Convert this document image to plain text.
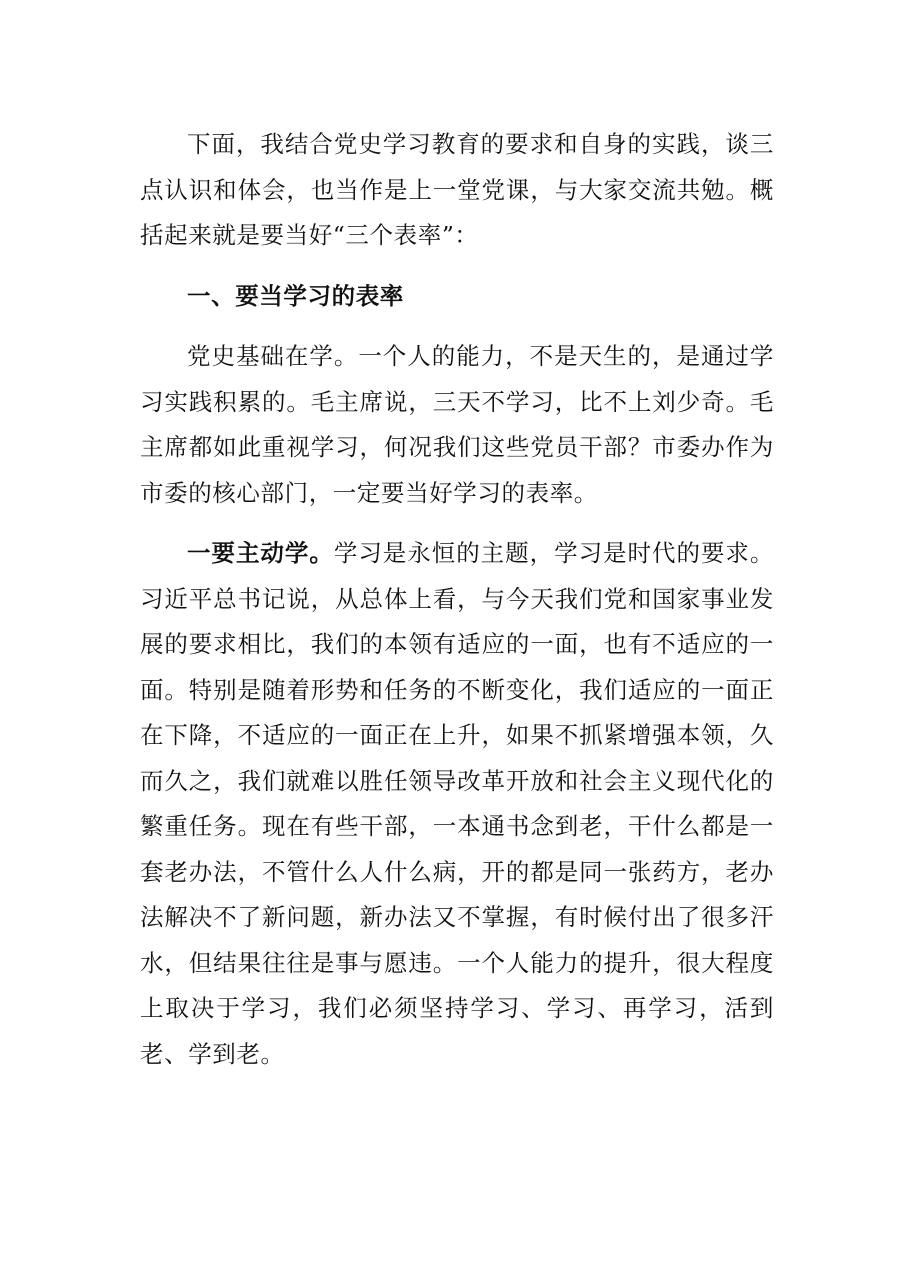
下面，我结合党史学习教育的要求和自身的实践，谈三点认识和体会，也当作是上一堂党课，与大家交流共勉。概括起来就是要当好“三个表率”：

一、要当学习的表率

党史基础在学。一个人的能力，不是天生的，是通过学习实践积累的。毛主席说，三天不学习，比不上刘少奇。毛主席都如此重视学习，何况我们这些党员干部？市委办作为市委的核心部门，一定要当好学习的表率。

一要主动学。学习是永恒的主题，学习是时代的要求。习近平总书记说，从总体上看，与今天我们党和国家事业发展的要求相比，我们的本领有适应的一面，也有不适应的一面。特别是随着形势和任务的不断变化，我们适应的一面正在下降，不适应的一面正在上升，如果不抓紧增强本领，久而久之，我们就难以胜任领导改革开放和社会主义现代化的繁重任务。现在有些干部，一本通书念到老，干什么都是一套老办法，不管什么人什么病，开的都是同一张药方，老办法解决不了新问题，新办法又不掌握，有时候付出了很多汗水，但结果往往是事与愿违。一个人能力的提升，很大程度上取决于学习，我们必须坚持学习、学习、再学习，活到老、学到老。
